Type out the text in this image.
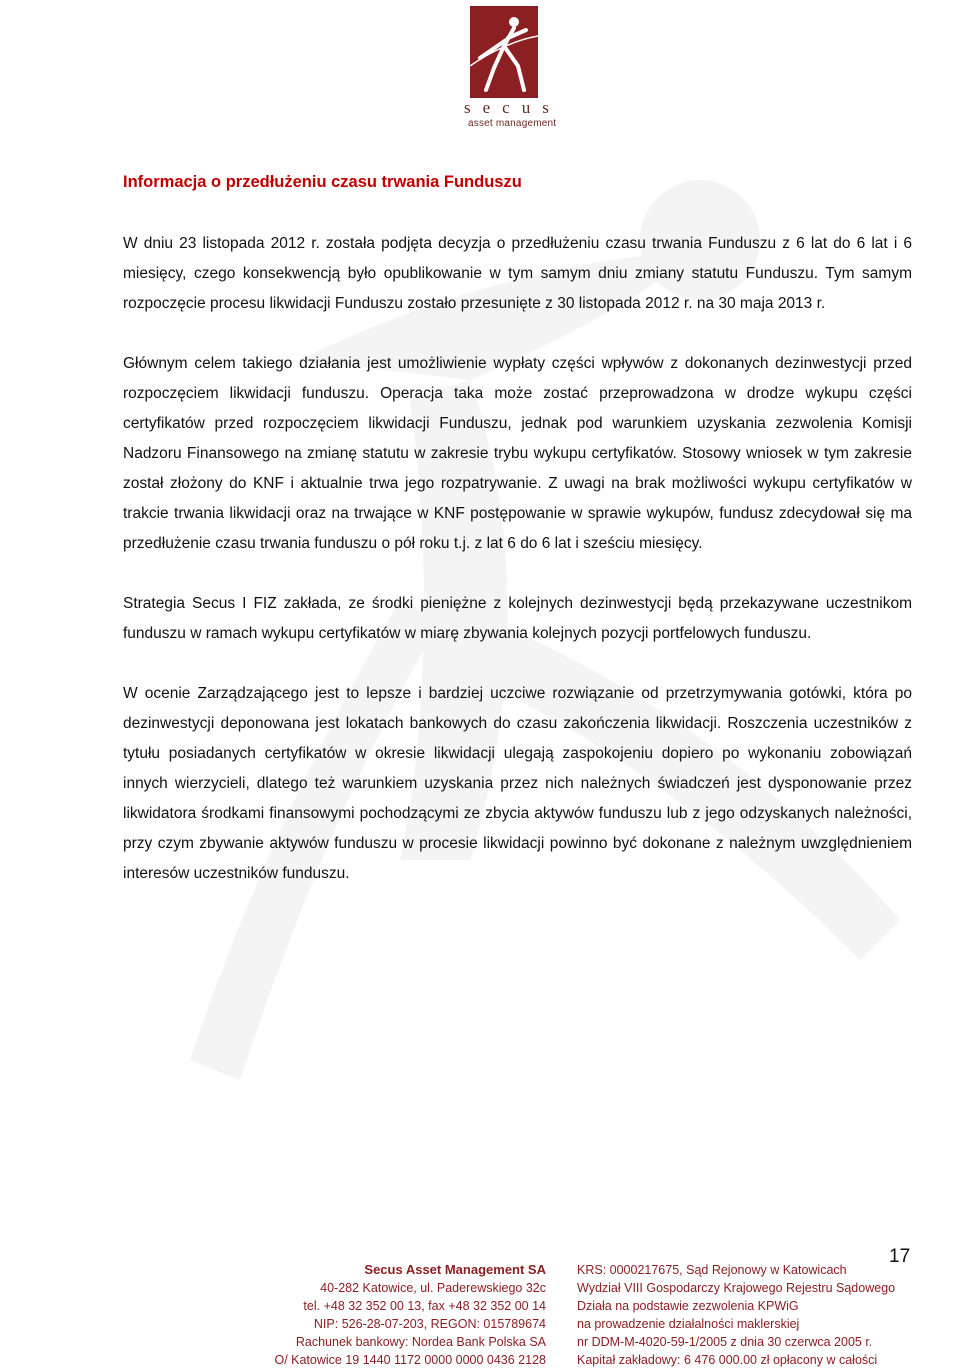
secus
asset management
Informacja o przedłużeniu czasu trwania Funduszu

W dniu 23 listopada 2012 r. została podjęta decyzja o przedłużeniu czasu trwania Funduszu z 6 lat do 6 lat i 6 miesięcy, czego konsekwencją było opublikowanie w tym samym dniu zmiany statutu Funduszu. Tym samym rozpoczęcie procesu likwidacji Funduszu zostało przesunięte z 30 listopada 2012 r. na 30 maja 2013 r.

Głównym celem takiego działania jest umożliwienie wypłaty części wpływów z dokonanych dezinwestycji przed rozpoczęciem likwidacji funduszu. Operacja taka może zostać przeprowadzona w drodze wykupu części certyfikatów przed rozpoczęciem likwidacji Funduszu, jednak pod warunkiem uzyskania zezwolenia Komisji Nadzoru Finansowego na zmianę statutu w zakresie trybu wykupu certyfikatów. Stosowy wniosek w tym zakresie został złożony do KNF i aktualnie trwa jego rozpatrywanie. Z uwagi na brak możliwości wykupu certyfikatów w trakcie trwania likwidacji oraz na trwające w KNF postępowanie w sprawie wykupów, fundusz zdecydował się ma przedłużenie czasu trwania funduszu o pół roku t.j. z lat 6 do 6 lat i sześciu miesięcy.

Strategia Secus I FIZ zakłada, ze środki pieniężne z kolejnych dezinwestycji będą przekazywane uczestnikom funduszu w ramach wykupu certyfikatów w miarę zbywania kolejnych pozycji portfelowych funduszu.

W ocenie Zarządzającego jest to lepsze i bardziej uczciwe rozwiązanie od przetrzymywania gotówki, która po dezinwestycji deponowana jest lokatach bankowych do czasu zakończenia likwidacji. Roszczenia uczestników z tytułu posiadanych certyfikatów w okresie likwidacji ulegają zaspokojeniu dopiero po wykonaniu zobowiązań innych wierzycieli, dlatego też warunkiem uzyskania przez nich należnych świadczeń jest dysponowanie przez likwidatora środkami finansowymi pochodzącymi ze zbycia aktywów funduszu lub z jego odzyskanych należności, przy czym zbywanie aktywów funduszu w procesie likwidacji powinno być dokonane z należnym uwzględnieniem interesów uczestników funduszu.

17
Secus Asset Management SA
40-282 Katowice, ul. Paderewskiego 32c
tel. +48 32 352 00 13, fax +48 32 352 00 14
NIP: 526-28-07-203, REGON: 015789674
Rachunek bankowy: Nordea Bank Polska SA
O/ Katowice 19 1440 1172 0000 0000 0436 2128
KRS: 0000217675, Sąd Rejonowy w Katowicach
Wydział VIII Gospodarczy Krajowego Rejestru Sądowego
Działa na podstawie zezwolenia KPWiG
na prowadzenie działalności maklerskiej
nr DDM-M-4020-59-1/2005 z dnia 30 czerwca 2005 r.
Kapitał zakładowy: 6 476 000.00 zł opłacony w całości
